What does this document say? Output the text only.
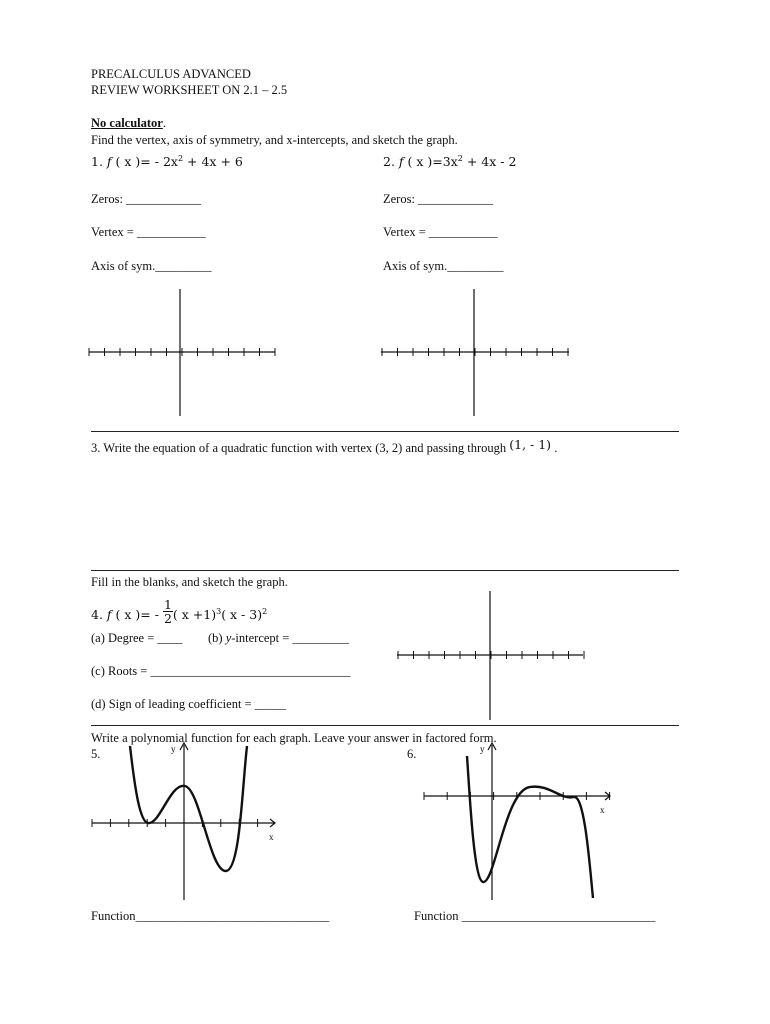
PRECALCULUS ADVANCED
REVIEW WORKSHEET ON 2.1 – 2.5
No calculator.
Find the vertex, axis of symmetry, and x-intercepts, and sketch the graph.
1. f ( x )= - $2x^2 + 4x + 6$
Zeros: ____________
Vertex = ___________
Axis of sym._________
2. f ( x )$=3x^2 + 4x - 2$
Zeros: ____________
Vertex = ___________
Axis of sym._________
3. Write the equation of a quadratic function with vertex (3, 2) and passing through (1, - 1) .
Fill in the blanks, and sketch the graph.
4. f ( x )= - $\frac{1}{2}$ ( x +1)$^3$( x - 3)$^2$
(a) Degree = ____ (b) y-intercept = _________
(c) Roots = ________________________________
(d) Sign of leading coefficient = _____
Write a polynomial function for each graph. Leave your answer in factored form.
5.	6.
y
x
y
x
Function_______________________________	Function _______________________________
